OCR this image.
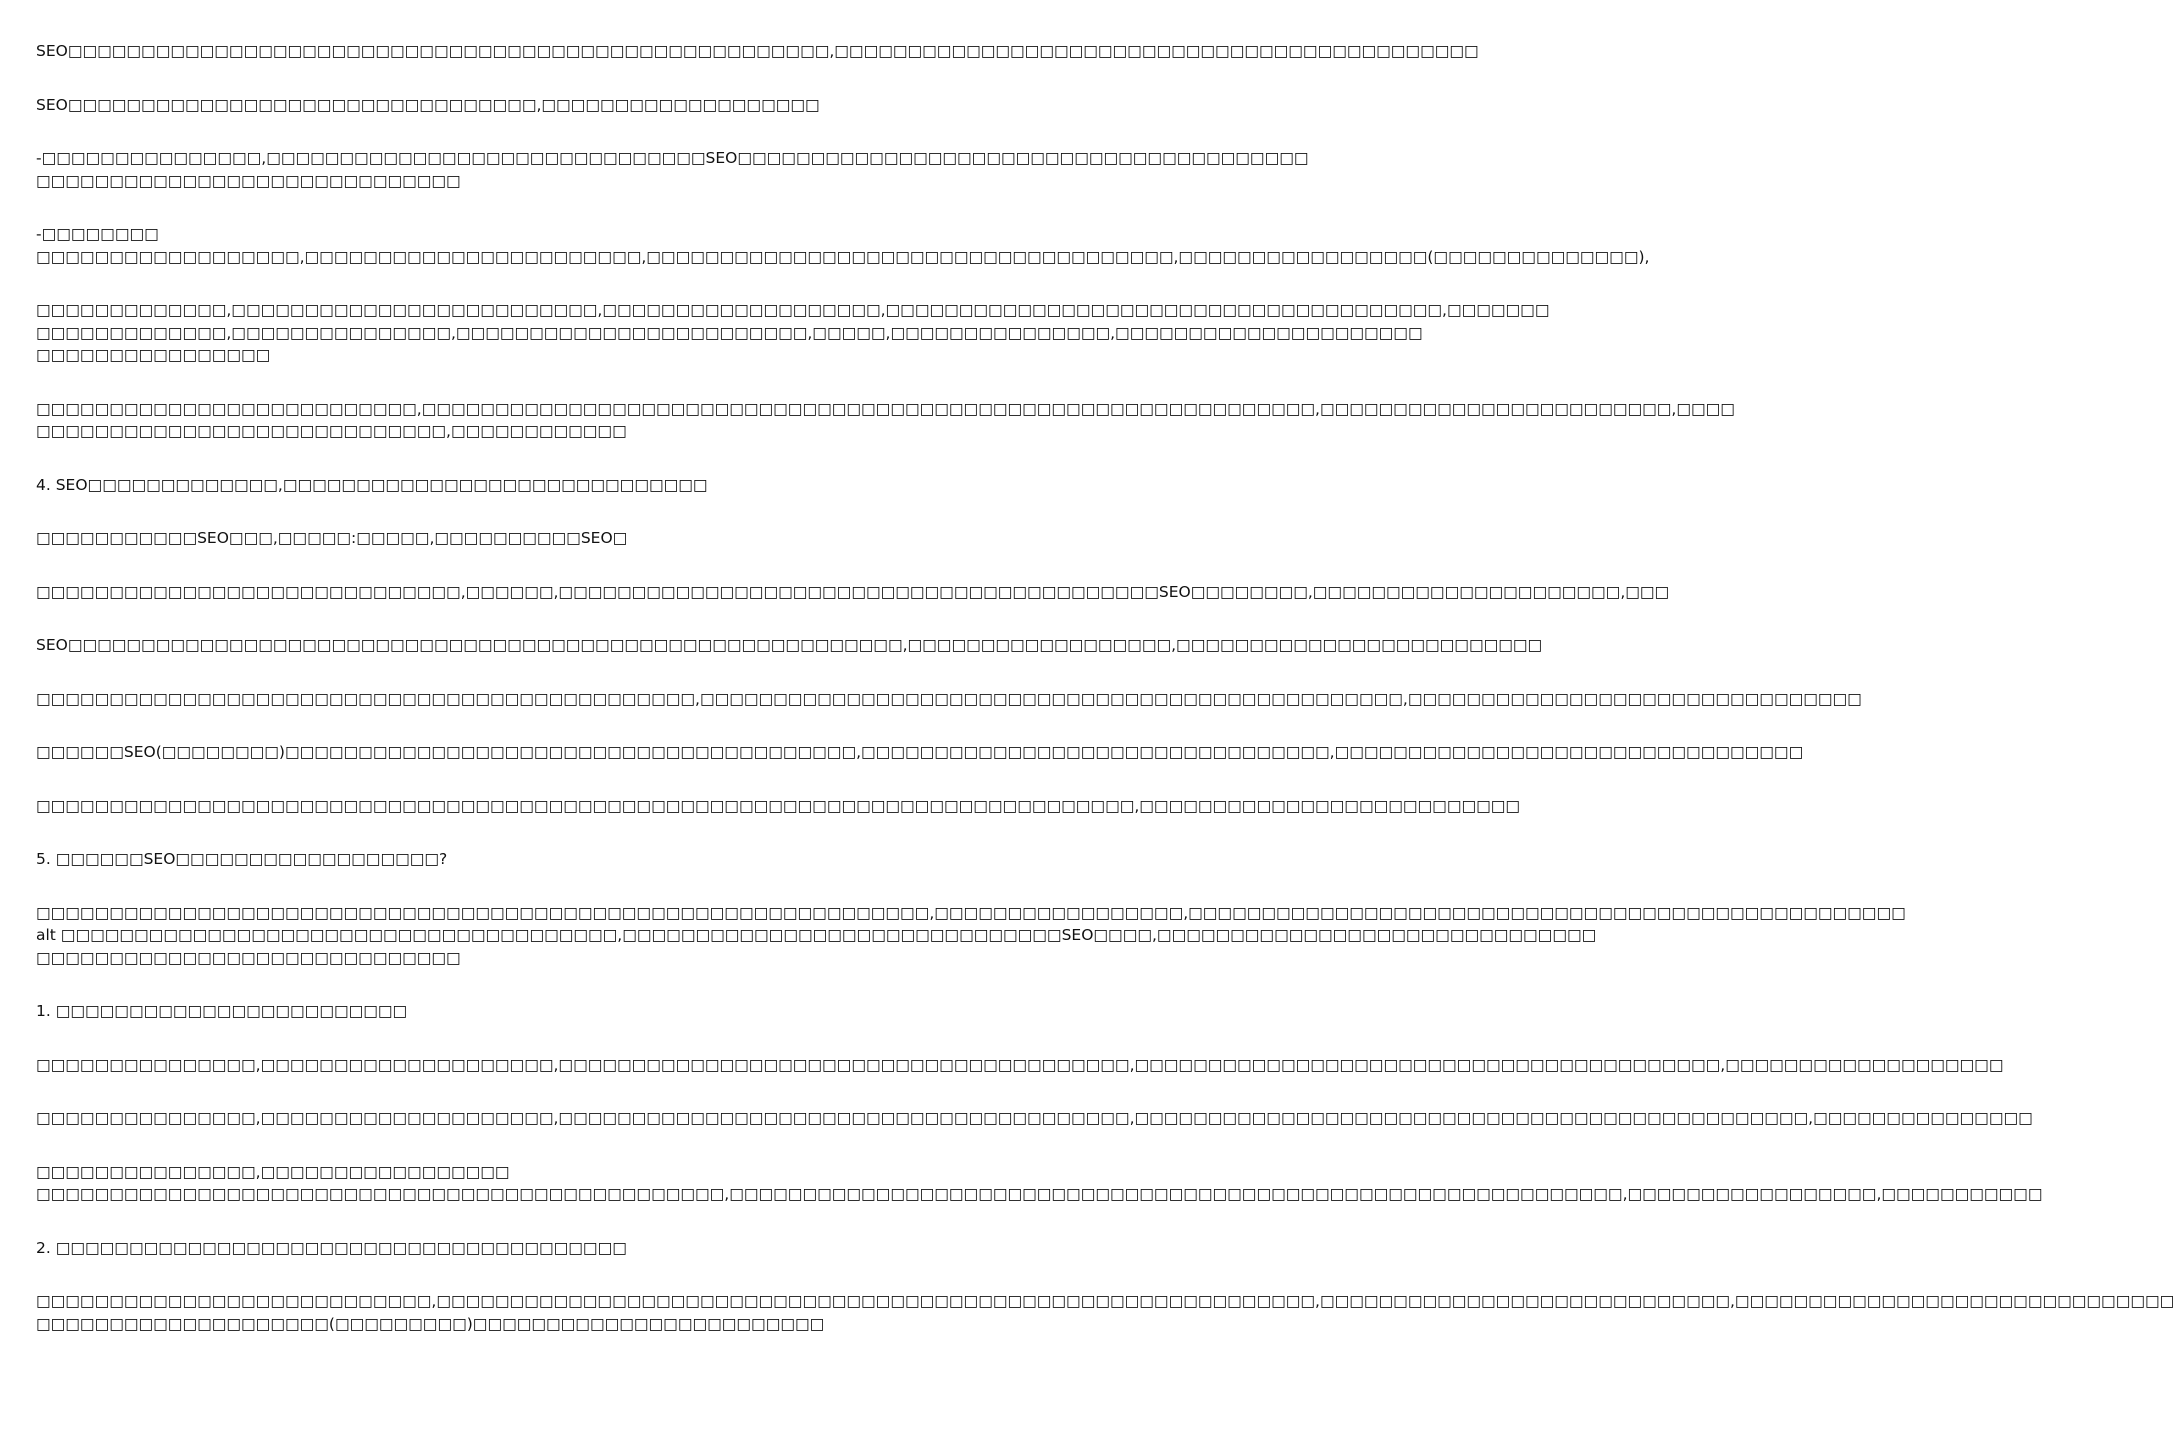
SEO□□□□□□□□□□□□□□□□□□□□□□□□□□□□□□□□□□□□□□□□□□□□□□□□□□□□,□□□□□□□□□□□□□□□□□□□□□□□□□□□□□□□□□□□□□□□□□□□□

SEO□□□□□□□□□□□□□□□□□□□□□□□□□□□□□□□□,□□□□□□□□□□□□□□□□□□□

-□□□□□□□□□□□□□□□,□□□□□□□□□□□□□□□□□□□□□□□□□□□□□□SEO□□□□□□□□□□□□□□□□□□□□□□□□□□□□□□□□□□□□□□□
□□□□□□□□□□□□□□□□□□□□□□□□□□□□□

-□□□□□□□□
□□□□□□□□□□□□□□□□□□,□□□□□□□□□□□□□□□□□□□□□□□,□□□□□□□□□□□□□□□□□□□□□□□□□□□□□□□□□□□□,□□□□□□□□□□□□□□□□□(□□□□□□□□□□□□□□),

□□□□□□□□□□□□□,□□□□□□□□□□□□□□□□□□□□□□□□□,□□□□□□□□□□□□□□□□□□□,□□□□□□□□□□□□□□□□□□□□□□□□□□□□□□□□□□□□□□,□□□□□□□
□□□□□□□□□□□□□,□□□□□□□□□□□□□□□,□□□□□□□□□□□□□□□□□□□□□□□□,□□□□□,□□□□□□□□□□□□□□□,□□□□□□□□□□□□□□□□□□□□□
□□□□□□□□□□□□□□□□

□□□□□□□□□□□□□□□□□□□□□□□□□□,□□□□□□□□□□□□□□□□□□□□□□□□□□□□□□□□□□□□□□□□□□□□□□□□□□□□□□□□□□□□□,□□□□□□□□□□□□□□□□□□□□□□□□,□□□□
□□□□□□□□□□□□□□□□□□□□□□□□□□□□,□□□□□□□□□□□□

4. SEO□□□□□□□□□□□□□,□□□□□□□□□□□□□□□□□□□□□□□□□□□□□

□□□□□□□□□□□SEO□□□,□□□□□:□□□□□,□□□□□□□□□□SEO□

□□□□□□□□□□□□□□□□□□□□□□□□□□□□□,□□□□□□,□□□□□□□□□□□□□□□□□□□□□□□□□□□□□□□□□□□□□□□□□SEO□□□□□□□□,□□□□□□□□□□□□□□□□□□□□□,□□□

SEO□□□□□□□□□□□□□□□□□□□□□□□□□□□□□□□□□□□□□□□□□□□□□□□□□□□□□□□□□,□□□□□□□□□□□□□□□□□□,□□□□□□□□□□□□□□□□□□□□□□□□□

□□□□□□□□□□□□□□□□□□□□□□□□□□□□□□□□□□□□□□□□□□□□□,□□□□□□□□□□□□□□□□□□□□□□□□□□□□□□□□□□□□□□□□□□□□□□□□,□□□□□□□□□□□□□□□□□□□□□□□□□□□□□□□

□□□□□□SEO(□□□□□□□□)□□□□□□□□□□□□□□□□□□□□□□□□□□□□□□□□□□□□□□□,□□□□□□□□□□□□□□□□□□□□□□□□□□□□□□□□,□□□□□□□□□□□□□□□□□□□□□□□□□□□□□□□□

□□□□□□□□□□□□□□□□□□□□□□□□□□□□□□□□□□□□□□□□□□□□□□□□□□□□□□□□□□□□□□□□□□□□□□□□□□□,□□□□□□□□□□□□□□□□□□□□□□□□□□

5. □□□□□□SEO□□□□□□□□□□□□□□□□□□?

□□□□□□□□□□□□□□□□□□□□□□□□□□□□□□□□□□□□□□□□□□□□□□□□□□□□□□□□□□□□□,□□□□□□□□□□□□□□□□□,□□□□□□□□□□□□□□□□□□□□□□□□□□□□□□□□□□□□□□□□□□□□□□□□□
alt □□□□□□□□□□□□□□□□□□□□□□□□□□□□□□□□□□□□□□,□□□□□□□□□□□□□□□□□□□□□□□□□□□□□□SEO□□□□,□□□□□□□□□□□□□□□□□□□□□□□□□□□□□□
□□□□□□□□□□□□□□□□□□□□□□□□□□□□□

1. □□□□□□□□□□□□□□□□□□□□□□□□

□□□□□□□□□□□□□□□,□□□□□□□□□□□□□□□□□□□□,□□□□□□□□□□□□□□□□□□□□□□□□□□□□□□□□□□□□□□□,□□□□□□□□□□□□□□□□□□□□□□□□□□□□□□□□□□□□□□□□,□□□□□□□□□□□□□□□□□□□

□□□□□□□□□□□□□□□,□□□□□□□□□□□□□□□□□□□□,□□□□□□□□□□□□□□□□□□□□□□□□□□□□□□□□□□□□□□□,□□□□□□□□□□□□□□□□□□□□□□□□□□□□□□□□□□□□□□□□□□□□□□,□□□□□□□□□□□□□□□

□□□□□□□□□□□□□□□,□□□□□□□□□□□□□□□□□
□□□□□□□□□□□□□□□□□□□□□□□□□□□□□□□□□□□□□□□□□□□□□□□,□□□□□□□□□□□□□□□□□□□□□□□□□□□□□□□□□□□□□□□□□□□□□□□□□□□□□□□□□□□□□,□□□□□□□□□□□□□□□□□,□□□□□□□□□□□

2. □□□□□□□□□□□□□□□□□□□□□□□□□□□□□□□□□□□□□□□

□□□□□□□□□□□□□□□□□□□□□□□□□□□,□□□□□□□□□□□□□□□□□□□□□□□□□□□□□□□□□□□□□□□□□□□□□□□□□□□□□□□□□□□□,□□□□□□□□□□□□□□□□□□□□□□□□□□□□,□□□□□□□□□□□□□□□□□□□□□□□□□□□□□□
□□□□□□□□□□□□□□□□□□□□(□□□□□□□□□)□□□□□□□□□□□□□□□□□□□□□□□□
